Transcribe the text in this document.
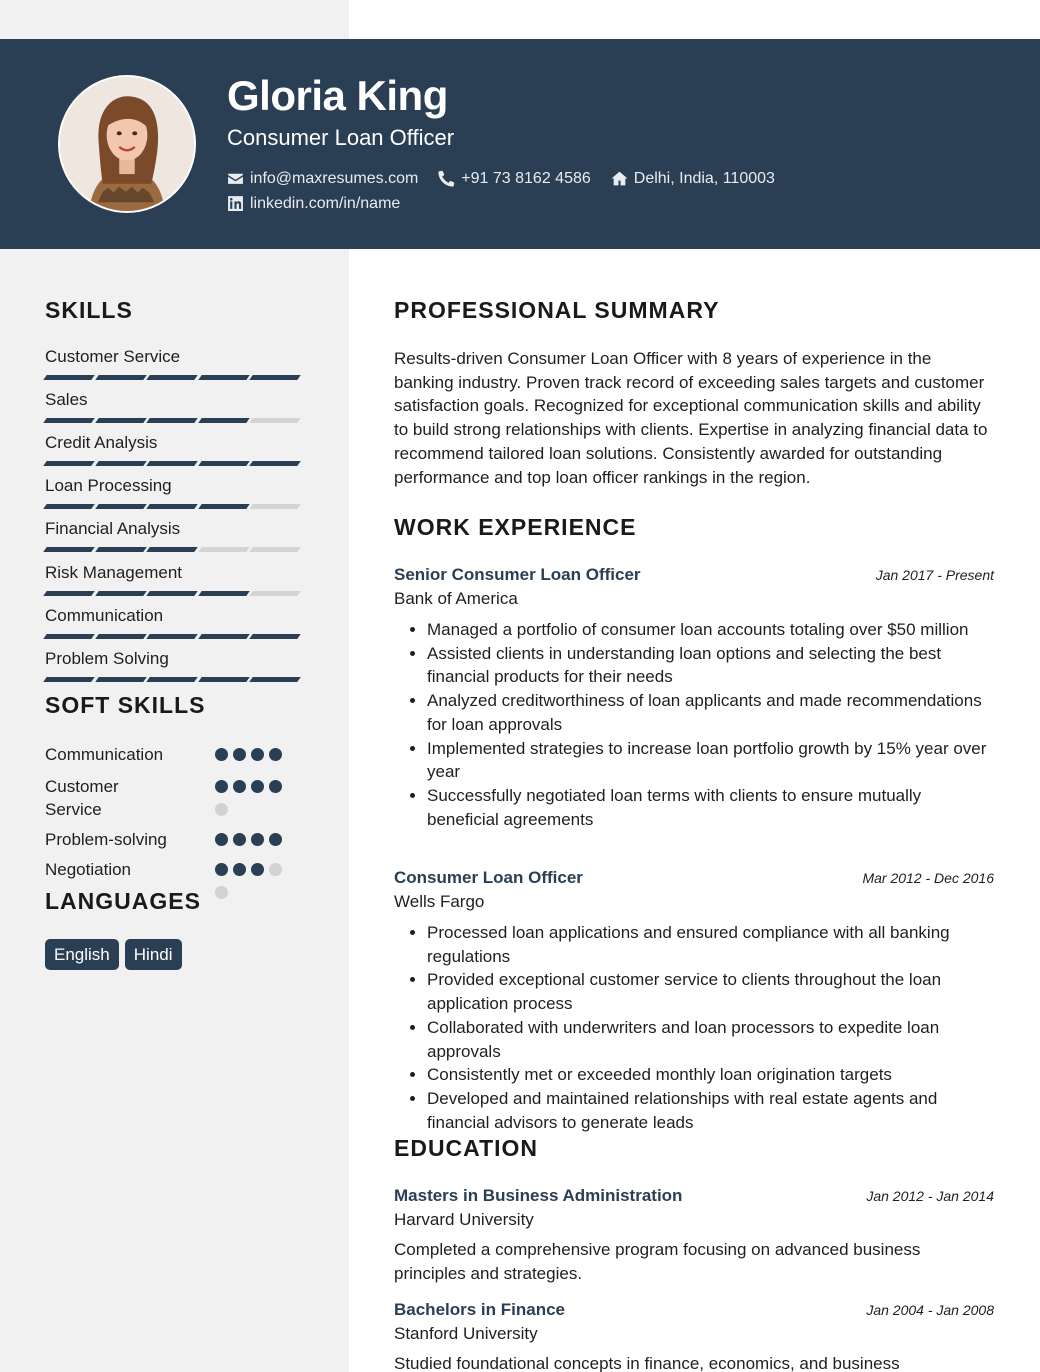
Gloria King
Consumer Loan Officer
info@maxresumes.com	+91 73 8162 4586	Delhi, India, 110003
linkedin.com/in/name
SKILLS
Customer Service
Sales
Credit Analysis
Loan Processing
Financial Analysis
Risk Management
Communication
Problem Solving
SOFT SKILLS
Communication
Customer Service
Problem-solving
Negotiation
LANGUAGES
English	Hindi
PROFESSIONAL SUMMARY
Results-driven Consumer Loan Officer with 8 years of experience in the banking industry. Proven track record of exceeding sales targets and customer satisfaction goals. Recognized for exceptional communication skills and ability to build strong relationships with clients. Expertise in analyzing financial data to recommend tailored loan solutions. Consistently awarded for outstanding performance and top loan officer rankings in the region.
WORK EXPERIENCE
Senior Consumer Loan Officer	Jan 2017 - Present
Bank of America
• Managed a portfolio of consumer loan accounts totaling over $50 million
• Assisted clients in understanding loan options and selecting the best financial products for their needs
• Analyzed creditworthiness of loan applicants and made recommendations for loan approvals
• Implemented strategies to increase loan portfolio growth by 15% year over year
• Successfully negotiated loan terms with clients to ensure mutually beneficial agreements
Consumer Loan Officer	Mar 2012 - Dec 2016
Wells Fargo
• Processed loan applications and ensured compliance with all banking regulations
• Provided exceptional customer service to clients throughout the loan application process
• Collaborated with underwriters and loan processors to expedite loan approvals
• Consistently met or exceeded monthly loan origination targets
• Developed and maintained relationships with real estate agents and financial advisors to generate leads
EDUCATION
Masters in Business Administration	Jan 2012 - Jan 2014
Harvard University
Completed a comprehensive program focusing on advanced business principles and strategies.
Bachelors in Finance	Jan 2004 - Jan 2008
Stanford University
Studied foundational concepts in finance, economics, and business
